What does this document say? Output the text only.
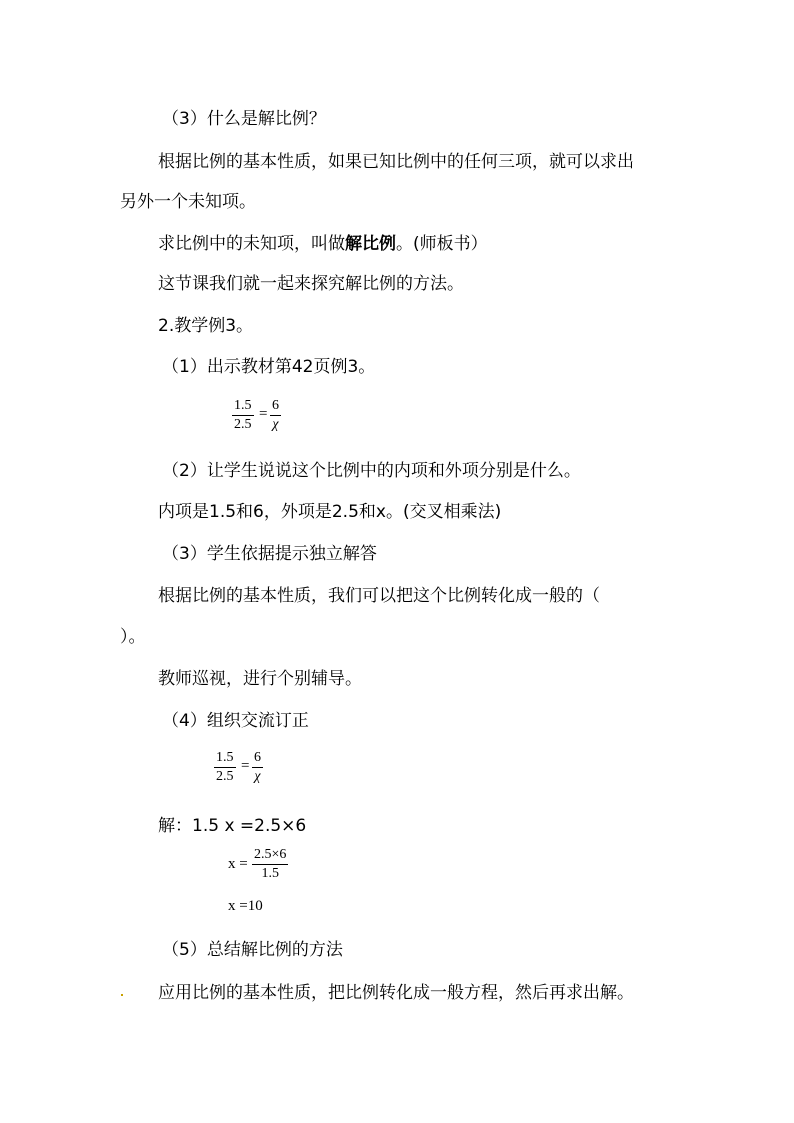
（3）什么是解比例？
根据比例的基本性质，如果已知比例中的任何三项，就可以求出
另外一个未知项。
求比例中的未知项，叫做解比例。(师板书）
这节课我们就一起来探究解比例的方法。
2.教学例3。
（1）出示教材第42页例3。
$\frac{1.5}{2.5} = \frac{6}{\chi}$
（2）让学生说说这个比例中的内项和外项分别是什么。
内项是1.5和6，外项是2.5和x。(交叉相乘法)
（3）学生依据提示独立解答
根据比例的基本性质，我们可以把这个比例转化成一般的（
）。
教师巡视，进行个别辅导。
（4）组织交流订正
$\frac{1.5}{2.5} = \frac{6}{\chi}$
解：1.5 x =2.5×6
$x = \frac{2.5\times 6}{1.5}$
x =10
（5）总结解比例的方法
应用比例的基本性质，把比例转化成一般方程，然后再求出解。
